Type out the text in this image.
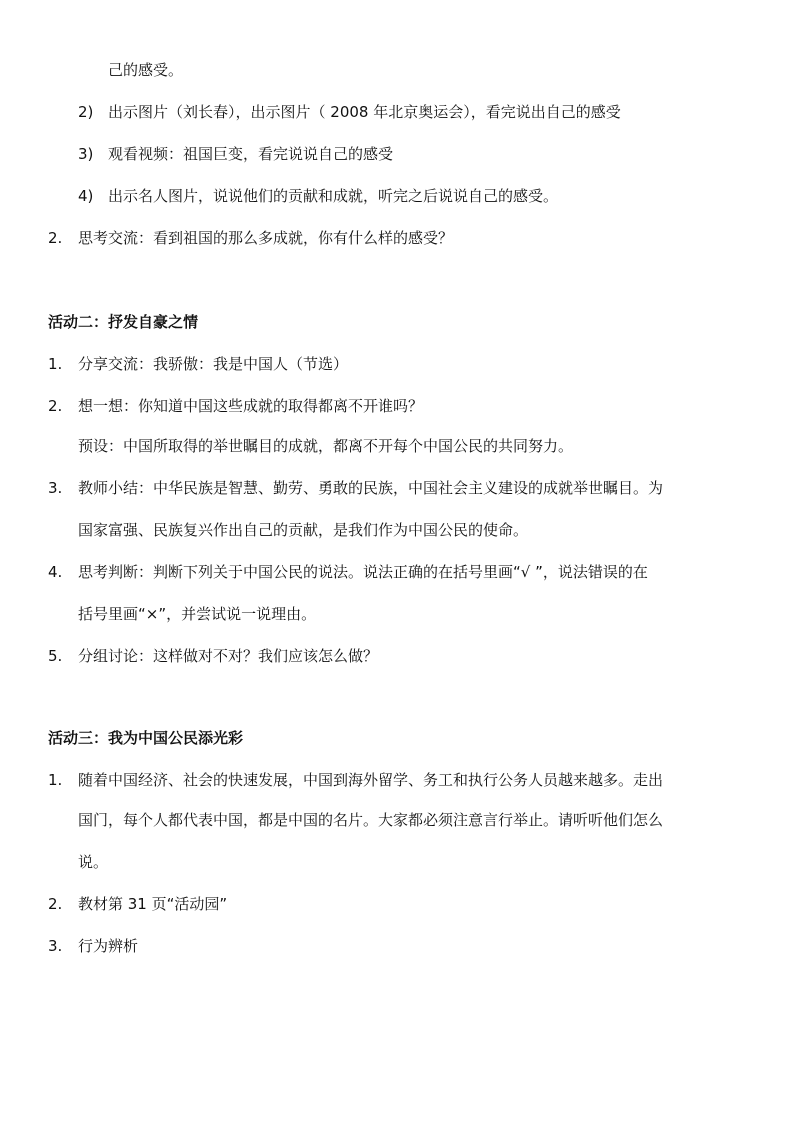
己的感受。
2) 出示图片（刘长春），出示图片（ 2008 年北京奥运会），看完说出自己的感受
3) 观看视频：祖国巨变，看完说说自己的感受
4) 出示名人图片，说说他们的贡献和成就，听完之后说说自己的感受。
2. 思考交流：看到祖国的那么多成就，你有什么样的感受？
活动二：抒发自豪之情
1. 分享交流：我骄傲：我是中国人（节选）
2. 想一想：你知道中国这些成就的取得都离不开谁吗？
预设：中国所取得的举世瞩目的成就，都离不开每个中国公民的共同努力。
3. 教师小结：中华民族是智慧、勤劳、勇敢的民族，中国社会主义建设的成就举世瞩目。为
国家富强、民族复兴作出自己的贡献，是我们作为中国公民的使命。
4. 思考判断：判断下列关于中国公民的说法。说法正确的在括号里画“√ ”，说法错误的在
括号里画“×”，并尝试说一说理由。
5. 分组讨论：这样做对不对？我们应该怎么做？
活动三：我为中国公民添光彩
1. 随着中国经济、社会的快速发展，中国到海外留学、务工和执行公务人员越来越多。走出
国门，每个人都代表中国，都是中国的名片。大家都必须注意言行举止。请听听他们怎么
说。
2. 教材第 31 页“活动园”
3. 行为辨析
